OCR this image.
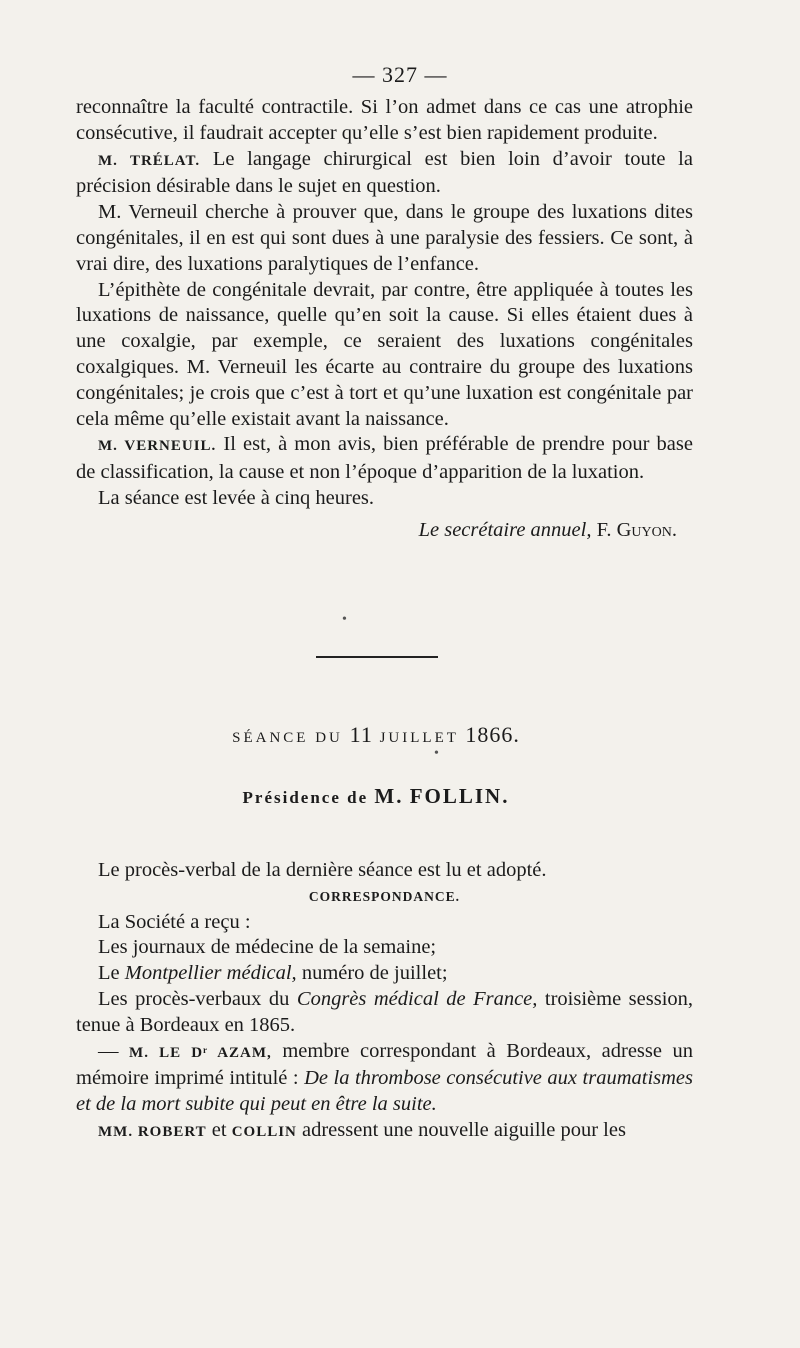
— 327 —

reconnaître la faculté contractile. Si l’on admet dans ce cas une atrophie consécutive, il faudrait accepter qu’elle s’est bien rapidement produite.

M. TRÉLAT. Le langage chirurgical est bien loin d’avoir toute la précision désirable dans le sujet en question.

M. Verneuil cherche à prouver que, dans le groupe des luxations dites congénitales, il en est qui sont dues à une paralysie des fessiers. Ce sont, à vrai dire, des luxations paralytiques de l’enfance.

L’épithète de congénitale devrait, par contre, être appliquée à toutes les luxations de naissance, quelle qu’en soit la cause. Si elles étaient dues à une coxalgie, par exemple, ce seraient des luxations congénitales coxalgiques. M. Verneuil les écarte au contraire du groupe des luxations congénitales; je crois que c’est à tort et qu’une luxation est congénitale par cela même qu’elle existait avant la naissance.

M. VERNEUIL. Il est, à mon avis, bien préférable de prendre pour base de classification, la cause et non l’époque d’apparition de la luxation.

La séance est levée à cinq heures.

Le secrétaire annuel, F. Guyon.
SÉANCE DU 11 JUILLET 1866.
Présidence de M. FOLLIN.

Le procès-verbal de la dernière séance est lu et adopté.

CORRESPONDANCE.

La Société a reçu :

Les journaux de médecine de la semaine;

Le Montpellier médical, numéro de juillet;

Les procès-verbaux du Congrès médical de France, troisième session, tenue à Bordeaux en 1865.

— M. LE Dʳ AZAM, membre correspondant à Bordeaux, adresse un mémoire imprimé intitulé : De la thrombose consécutive aux traumatismes et de la mort subite qui peut en être la suite.

MM. ROBERT et COLLIN adressent une nouvelle aiguille pour les

•
•
